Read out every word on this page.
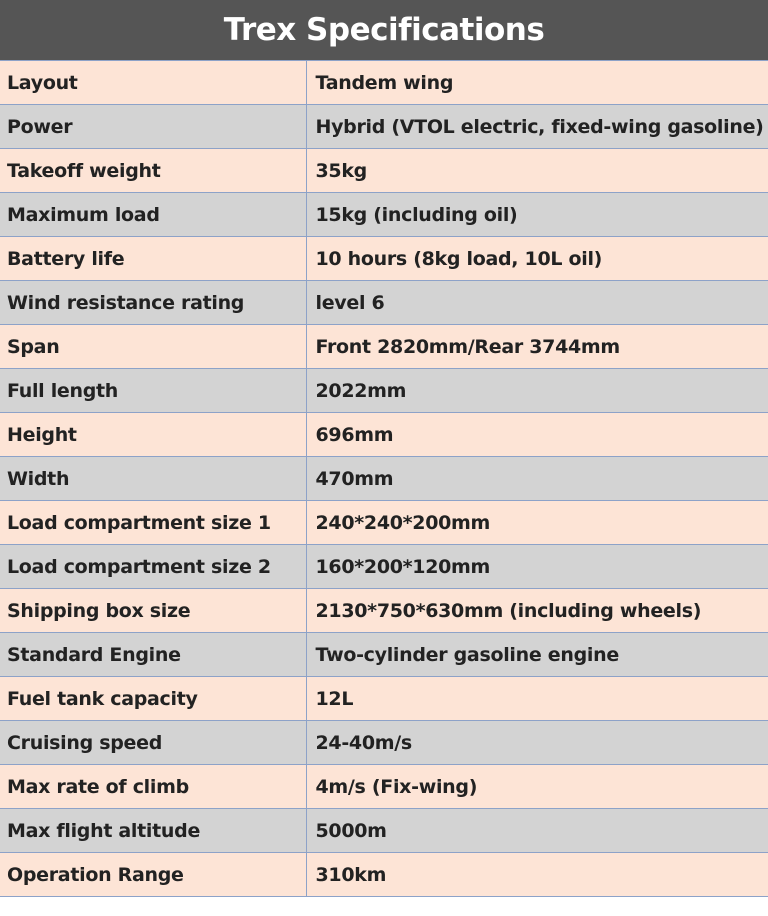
Trex Specifications
Layout	Tandem wing
Power	Hybrid (VTOL electric, fixed-wing gasoline)
Takeoff weight	35kg
Maximum load	15kg (including oil)
Battery life	10 hours (8kg load, 10L oil)
Wind resistance rating	level 6
Span	Front 2820mm/Rear 3744mm
Full length	2022mm
Height	696mm
Width	470mm
Load compartment size 1	240*240*200mm
Load compartment size 2	160*200*120mm
Shipping box size	2130*750*630mm (including wheels)
Standard Engine	Two-cylinder gasoline engine
Fuel tank capacity	12L
Cruising speed	24-40m/s
Max rate of climb	4m/s (Fix-wing)
Max flight altitude	5000m
Operation Range	310km
